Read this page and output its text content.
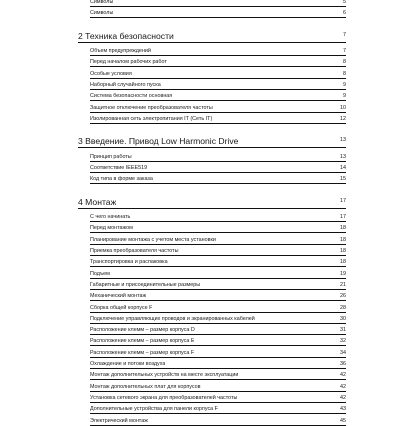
Символы	5
Символы	6
2 Техника безопасности	7
Объем предупреждений	7
Перед началом рабочих работ	8
Особые условия	8
Наборный случайного пуска	9
Система безопасности основная	9
Защитное отключение преобразователя частоты	10
Изолированная сеть электропитания IT (Сеть IT)	12
3 Введение. Привод Low Harmonic Drive	13
Принцип работы	13
Соответствие IEEE519	14
Код типа в форме заказа	15
4 Монтаж	17
С чего начинать	17
Перед монтажом	18
Планирование монтажа с учетом места установки	18
Приемка преобразователя частоты	18
Транспортировка и распаковка	18
Подъем	19
Габаритные и присоединительные размеры	21
Механический монтаж	26
Сборка общей корпусе F	28
Подключение управляющих проводов и экранированных кабелей	30
Расположение клемм – размер корпуса D	31
Расположение клемм – размер корпуса E	32
Расположение клемм – размер корпуса F	34
Охлаждение и потоки воздуха	36
Монтаж дополнительных устройств на месте эксплуатации	42
Монтаж дополнительных плат для корпусов	42
Установка сетевого экрана для преобразователей частоты	42
Дополнительные устройства для панели корпуса F	43
Электрический монтаж	45
